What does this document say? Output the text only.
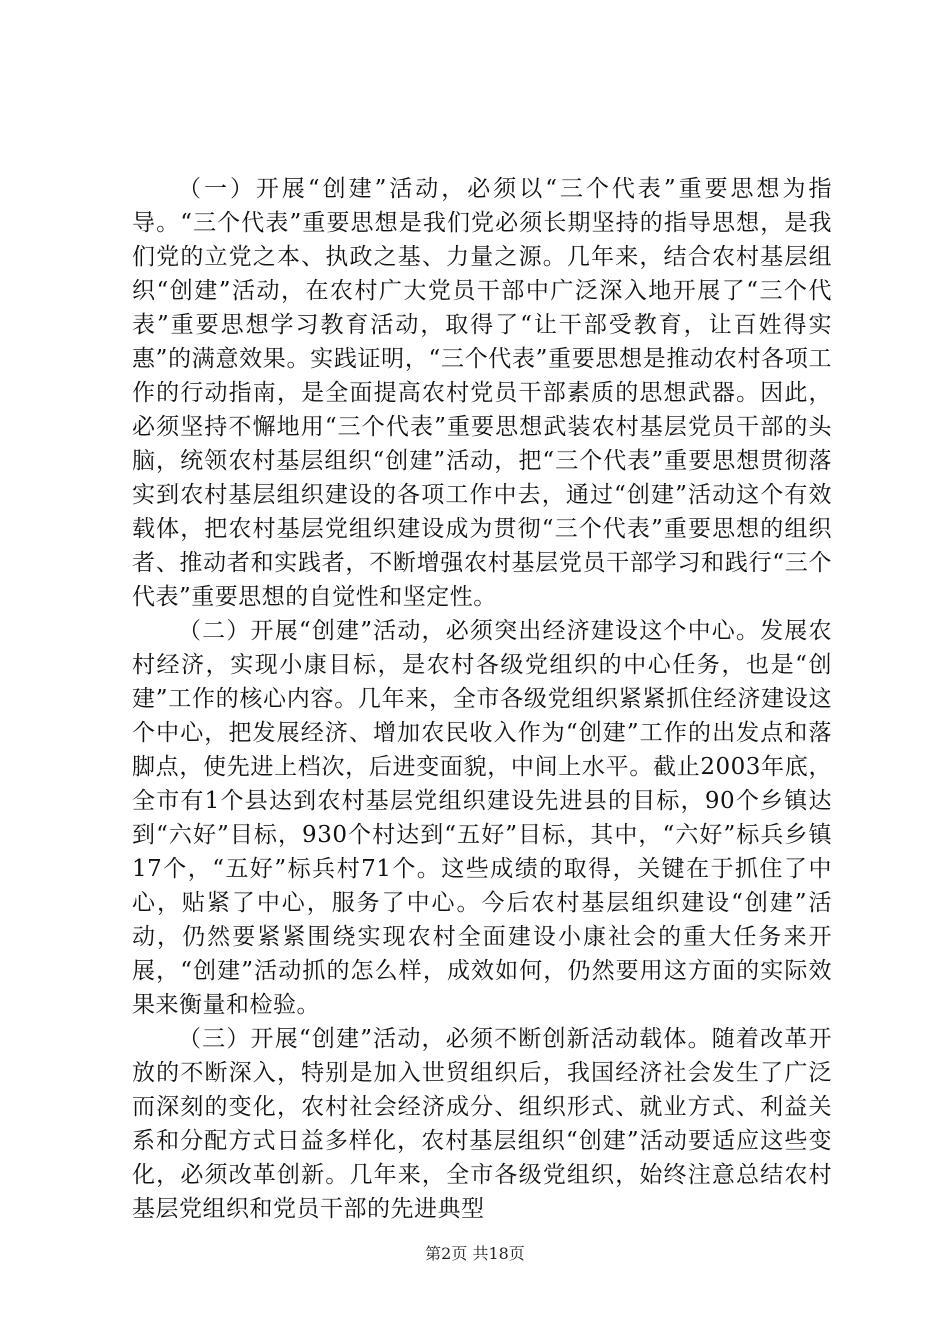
（一）开展“创建”活动，必须以“三个代表”重要思想为指导。“三个代表”重要思想是我们党必须长期坚持的指导思想，是我们党的立党之本、执政之基、力量之源。几年来，结合农村基层组织“创建”活动，在农村广大党员干部中广泛深入地开展了“三个代表”重要思想学习教育活动，取得了“让干部受教育，让百姓得实惠”的满意效果。实践证明，“三个代表”重要思想是推动农村各项工作的行动指南，是全面提高农村党员干部素质的思想武器。因此，必须坚持不懈地用“三个代表”重要思想武装农村基层党员干部的头脑，统领农村基层组织“创建”活动，把“三个代表”重要思想贯彻落实到农村基层组织建设的各项工作中去，通过“创建”活动这个有效载体，把农村基层党组织建设成为贯彻“三个代表”重要思想的组织者、推动者和实践者，不断增强农村基层党员干部学习和践行“三个代表”重要思想的自觉性和坚定性。

（二）开展“创建”活动，必须突出经济建设这个中心。发展农村经济，实现小康目标，是农村各级党组织的中心任务，也是“创建”工作的核心内容。几年来，全市各级党组织紧紧抓住经济建设这个中心，把发展经济、增加农民收入作为“创建”工作的出发点和落脚点，使先进上档次，后进变面貌，中间上水平。截止2003年底，全市有1个县达到农村基层党组织建设先进县的目标，90个乡镇达到“六好”目标，930个村达到“五好”目标，其中，“六好”标兵乡镇17个，“五好”标兵村71个。这些成绩的取得，关键在于抓住了中心，贴紧了中心，服务了中心。今后农村基层组织建设“创建”活动，仍然要紧紧围绕实现农村全面建设小康社会的重大任务来开展，“创建”活动抓的怎么样，成效如何，仍然要用这方面的实际效果来衡量和检验。

（三）开展“创建”活动，必须不断创新活动载体。随着改革开放的不断深入，特别是加入世贸组织后，我国经济社会发生了广泛而深刻的变化，农村社会经济成分、组织形式、就业方式、利益关系和分配方式日益多样化，农村基层组织“创建”活动要适应这些变化，必须改革创新。几年来，全市各级党组织，始终注意总结农村基层党组织和党员干部的先进典型

第2页 共18页
